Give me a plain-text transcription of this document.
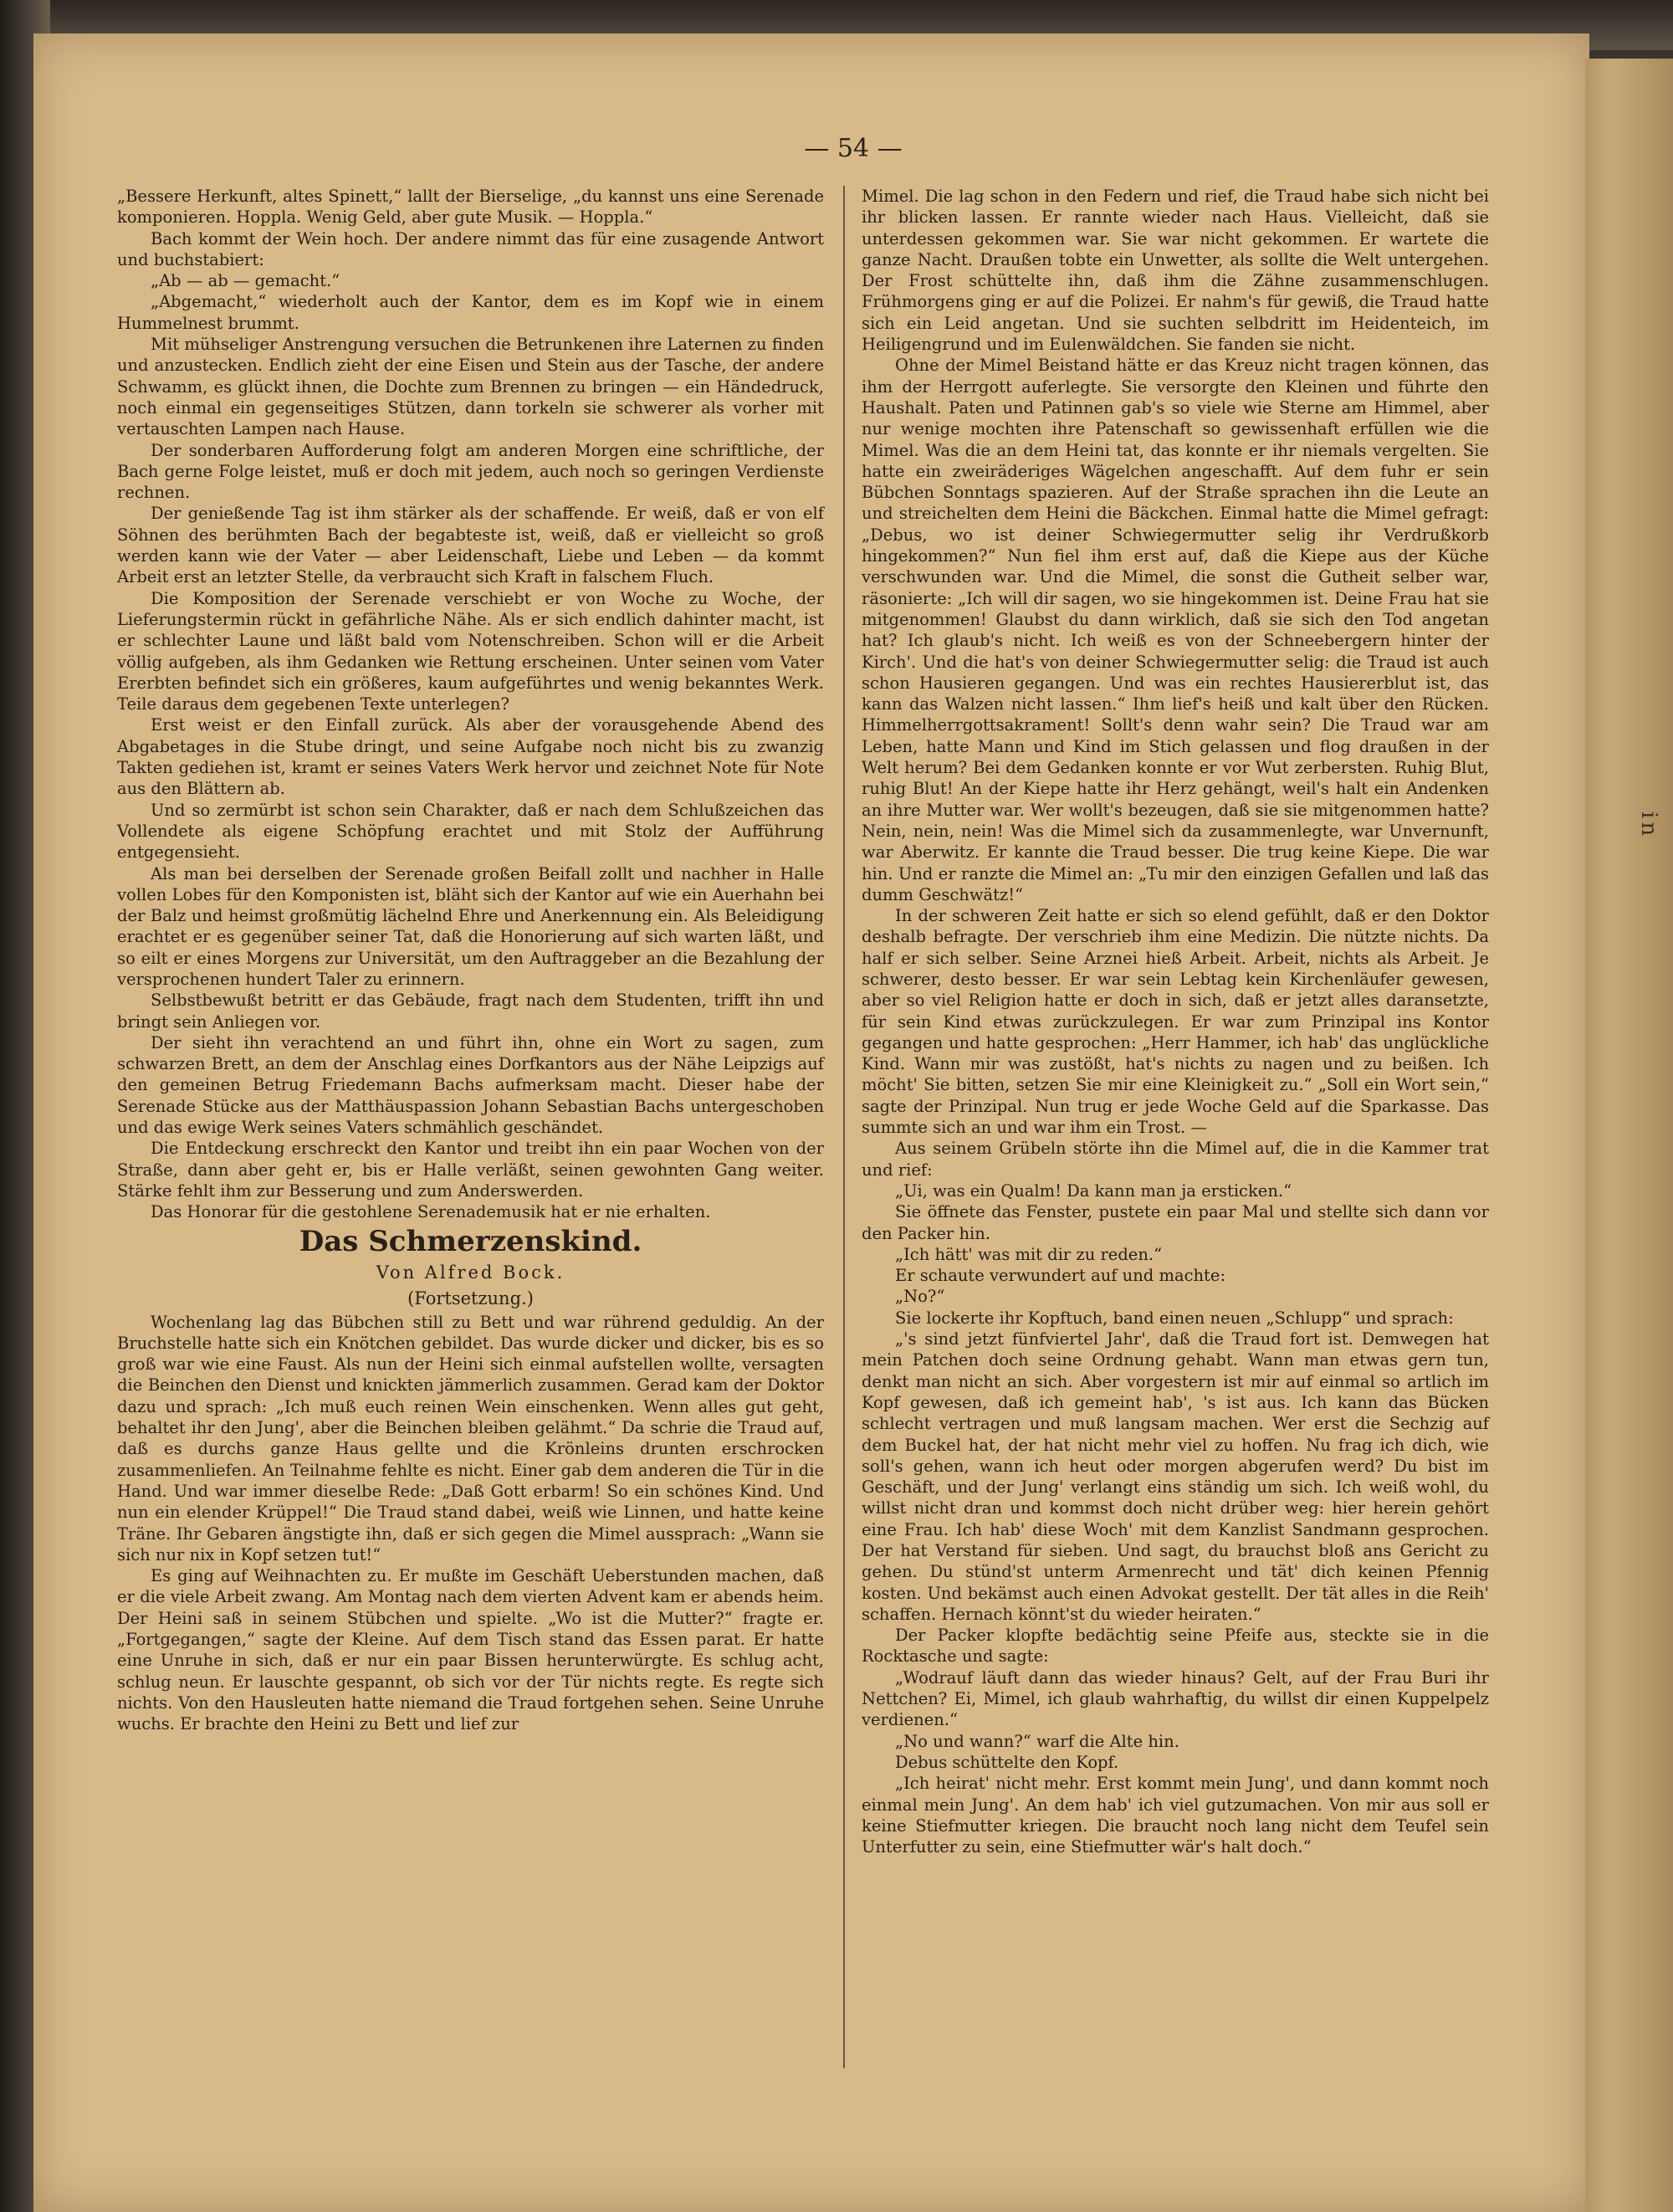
in
— 54 —

„Bessere Herkunft, altes Spinett,“ lallt der Bierselige, „du kannst uns eine Serenade komponieren. Hoppla. Wenig Geld, aber gute Musik. — Hoppla.“

Bach kommt der Wein hoch. Der andere nimmt das für eine zusagende Antwort und buchstabiert:

„Ab — ab — gemacht.“

„Abgemacht,“ wiederholt auch der Kantor, dem es im Kopf wie in einem Hummelnest brummt.

Mit mühseliger Anstrengung versuchen die Betrunkenen ihre Laternen zu finden und anzustecken. Endlich zieht der eine Eisen und Stein aus der Tasche, der andere Schwamm, es glückt ihnen, die Dochte zum Brennen zu bringen — ein Händedruck, noch einmal ein gegenseitiges Stützen, dann torkeln sie schwerer als vorher mit vertauschten Lampen nach Hause.

Der sonderbaren Aufforderung folgt am anderen Morgen eine schriftliche, der Bach gerne Folge leistet, muß er doch mit jedem, auch noch so geringen Verdienste rechnen.

Der genießende Tag ist ihm stärker als der schaffende. Er weiß, daß er von elf Söhnen des berühmten Bach der begabteste ist, weiß, daß er vielleicht so groß werden kann wie der Vater — aber Leidenschaft, Liebe und Leben — da kommt Arbeit erst an letzter Stelle, da verbraucht sich Kraft in falschem Fluch.

Die Komposition der Serenade verschiebt er von Woche zu Woche, der Lieferungstermin rückt in gefährliche Nähe. Als er sich endlich dahinter macht, ist er schlechter Laune und läßt bald vom Notenschreiben. Schon will er die Arbeit völlig aufgeben, als ihm Gedanken wie Rettung erscheinen. Unter seinen vom Vater Ererbten befindet sich ein größeres, kaum aufgeführtes und wenig bekanntes Werk. Teile daraus dem gegebenen Texte unterlegen?

Erst weist er den Einfall zurück. Als aber der vorausgehende Abend des Abgabetages in die Stube dringt, und seine Aufgabe noch nicht bis zu zwanzig Takten gediehen ist, kramt er seines Vaters Werk hervor und zeichnet Note für Note aus den Blättern ab.

Und so zermürbt ist schon sein Charakter, daß er nach dem Schlußzeichen das Vollendete als eigene Schöpfung erachtet und mit Stolz der Aufführung entgegensieht.

Als man bei derselben der Serenade großen Beifall zollt und nachher in Halle vollen Lobes für den Komponisten ist, bläht sich der Kantor auf wie ein Auerhahn bei der Balz und heimst großmütig lächelnd Ehre und Anerkennung ein. Als Beleidigung erachtet er es gegenüber seiner Tat, daß die Honorierung auf sich warten läßt, und so eilt er eines Morgens zur Universität, um den Auftraggeber an die Bezahlung der versprochenen hundert Taler zu erinnern.

Selbstbewußt betritt er das Gebäude, fragt nach dem Studenten, trifft ihn und bringt sein Anliegen vor.

Der sieht ihn verachtend an und führt ihn, ohne ein Wort zu sagen, zum schwarzen Brett, an dem der Anschlag eines Dorfkantors aus der Nähe Leipzigs auf den gemeinen Betrug Friedemann Bachs aufmerksam macht. Dieser habe der Serenade Stücke aus der Matthäuspassion Johann Sebastian Bachs untergeschoben und das ewige Werk seines Vaters schmählich geschändet.

Die Entdeckung erschreckt den Kantor und treibt ihn ein paar Wochen von der Straße, dann aber geht er, bis er Halle verläßt, seinen gewohnten Gang weiter. Stärke fehlt ihm zur Besserung und zum Anderswerden.

Das Honorar für die gestohlene Serenademusik hat er nie erhalten.

Das Schmerzenskind.

Von Alfred Bock.

(Fortsetzung.)

Wochenlang lag das Bübchen still zu Bett und war rührend geduldig. An der Bruchstelle hatte sich ein Knötchen gebildet. Das wurde dicker und dicker, bis es so groß war wie eine Faust. Als nun der Heini sich einmal aufstellen wollte, versagten die Beinchen den Dienst und knickten jämmerlich zusammen. Gerad kam der Doktor dazu und sprach: „Ich muß euch reinen Wein einschenken. Wenn alles gut geht, behaltet ihr den Jung', aber die Beinchen bleiben gelähmt.“ Da schrie die Traud auf, daß es durchs ganze Haus gellte und die Krönleins drunten erschrocken zusammenliefen. An Teilnahme fehlte es nicht. Einer gab dem anderen die Tür in die Hand. Und war immer dieselbe Rede: „Daß Gott erbarm! So ein schönes Kind. Und nun ein elender Krüppel!“ Die Traud stand dabei, weiß wie Linnen, und hatte keine Träne. Ihr Gebaren ängstigte ihn, daß er sich gegen die Mimel aussprach: „Wann sie sich nur nix in Kopf setzen tut!“

Es ging auf Weihnachten zu. Er mußte im Geschäft Ueberstunden machen, daß er die viele Arbeit zwang. Am Montag nach dem vierten Advent kam er abends heim. Der Heini saß in seinem Stübchen und spielte. „Wo ist die Mutter?“ fragte er. „Fortgegangen,“ sagte der Kleine. Auf dem Tisch stand das Essen parat. Er hatte eine Unruhe in sich, daß er nur ein paar Bissen herunterwürgte. Es schlug acht, schlug neun. Er lauschte gespannt, ob sich vor der Tür nichts regte. Es regte sich nichts. Von den Hausleuten hatte niemand die Traud fortgehen sehen. Seine Unruhe wuchs. Er brachte den Heini zu Bett und lief zur

Mimel. Die lag schon in den Federn und rief, die Traud habe sich nicht bei ihr blicken lassen. Er rannte wieder nach Haus. Vielleicht, daß sie unterdessen gekommen war. Sie war nicht gekommen. Er wartete die ganze Nacht. Draußen tobte ein Unwetter, als sollte die Welt untergehen. Der Frost schüttelte ihn, daß ihm die Zähne zusammenschlugen. Frühmorgens ging er auf die Polizei. Er nahm's für gewiß, die Traud hatte sich ein Leid angetan. Und sie suchten selbdritt im Heidenteich, im Heiligengrund und im Eulenwäldchen. Sie fanden sie nicht.

Ohne der Mimel Beistand hätte er das Kreuz nicht tragen können, das ihm der Herrgott auferlegte. Sie versorgte den Kleinen und führte den Haushalt. Paten und Patinnen gab's so viele wie Sterne am Himmel, aber nur wenige mochten ihre Patenschaft so gewissenhaft erfüllen wie die Mimel. Was die an dem Heini tat, das konnte er ihr niemals vergelten. Sie hatte ein zweiräderiges Wägelchen angeschafft. Auf dem fuhr er sein Bübchen Sonntags spazieren. Auf der Straße sprachen ihn die Leute an und streichelten dem Heini die Bäckchen. Einmal hatte die Mimel gefragt: „Debus, wo ist deiner Schwiegermutter selig ihr Verdrußkorb hingekommen?“ Nun fiel ihm erst auf, daß die Kiepe aus der Küche verschwunden war. Und die Mimel, die sonst die Gutheit selber war, räsonierte: „Ich will dir sagen, wo sie hingekommen ist. Deine Frau hat sie mitgenommen! Glaubst du dann wirklich, daß sie sich den Tod angetan hat? Ich glaub's nicht. Ich weiß es von der Schneebergern hinter der Kirch'. Und die hat's von deiner Schwiegermutter selig: die Traud ist auch schon Hausieren gegangen. Und was ein rechtes Hausiererblut ist, das kann das Walzen nicht lassen.“ Ihm lief's heiß und kalt über den Rücken. Himmelherrgottsakrament! Sollt's denn wahr sein? Die Traud war am Leben, hatte Mann und Kind im Stich gelassen und flog draußen in der Welt herum? Bei dem Gedanken konnte er vor Wut zerbersten. Ruhig Blut, ruhig Blut! An der Kiepe hatte ihr Herz gehängt, weil's halt ein Andenken an ihre Mutter war. Wer wollt's bezeugen, daß sie sie mitgenommen hatte? Nein, nein, nein! Was die Mimel sich da zusammenlegte, war Unvernunft, war Aberwitz. Er kannte die Traud besser. Die trug keine Kiepe. Die war hin. Und er ranzte die Mimel an: „Tu mir den einzigen Gefallen und laß das dumm Geschwätz!“

In der schweren Zeit hatte er sich so elend gefühlt, daß er den Doktor deshalb befragte. Der verschrieb ihm eine Medizin. Die nützte nichts. Da half er sich selber. Seine Arznei hieß Arbeit. Arbeit, nichts als Arbeit. Je schwerer, desto besser. Er war sein Lebtag kein Kirchenläufer gewesen, aber so viel Religion hatte er doch in sich, daß er jetzt alles daransetzte, für sein Kind etwas zurückzulegen. Er war zum Prinzipal ins Kontor gegangen und hatte gesprochen: „Herr Hammer, ich hab' das unglückliche Kind. Wann mir was zustößt, hat's nichts zu nagen und zu beißen. Ich möcht' Sie bitten, setzen Sie mir eine Kleinigkeit zu.“ „Soll ein Wort sein,“ sagte der Prinzipal. Nun trug er jede Woche Geld auf die Sparkasse. Das summte sich an und war ihm ein Trost. —

Aus seinem Grübeln störte ihn die Mimel auf, die in die Kammer trat und rief:

„Ui, was ein Qualm! Da kann man ja ersticken.“

Sie öffnete das Fenster, pustete ein paar Mal und stellte sich dann vor den Packer hin.

„Ich hätt' was mit dir zu reden.“

Er schaute verwundert auf und machte:

„No?“

Sie lockerte ihr Kopftuch, band einen neuen „Schlupp“ und sprach:

„'s sind jetzt fünfviertel Jahr', daß die Traud fort ist. Demwegen hat mein Patchen doch seine Ordnung gehabt. Wann man etwas gern tun, denkt man nicht an sich. Aber vorgestern ist mir auf einmal so artlich im Kopf gewesen, daß ich gemeint hab', 's ist aus. Ich kann das Bücken schlecht vertragen und muß langsam machen. Wer erst die Sechzig auf dem Buckel hat, der hat nicht mehr viel zu hoffen. Nu frag ich dich, wie soll's gehen, wann ich heut oder morgen abgerufen werd? Du bist im Geschäft, und der Jung' verlangt eins ständig um sich. Ich weiß wohl, du willst nicht dran und kommst doch nicht drüber weg: hier herein gehört eine Frau. Ich hab' diese Woch' mit dem Kanzlist Sandmann gesprochen. Der hat Verstand für sieben. Und sagt, du brauchst bloß ans Gericht zu gehen. Du stünd'st unterm Armenrecht und tät' dich keinen Pfennig kosten. Und bekämst auch einen Advokat gestellt. Der tät alles in die Reih' schaffen. Hernach könnt'st du wieder heiraten.“

Der Packer klopfte bedächtig seine Pfeife aus, steckte sie in die Rocktasche und sagte:

„Wodrauf läuft dann das wieder hinaus? Gelt, auf der Frau Buri ihr Nettchen? Ei, Mimel, ich glaub wahrhaftig, du willst dir einen Kuppelpelz verdienen.“

„No und wann?“ warf die Alte hin.

Debus schüttelte den Kopf.

„Ich heirat' nicht mehr. Erst kommt mein Jung', und dann kommt noch einmal mein Jung'. An dem hab' ich viel gutzumachen. Von mir aus soll er keine Stiefmutter kriegen. Die braucht noch lang nicht dem Teufel sein Unterfutter zu sein, eine Stiefmutter wär's halt doch.“
